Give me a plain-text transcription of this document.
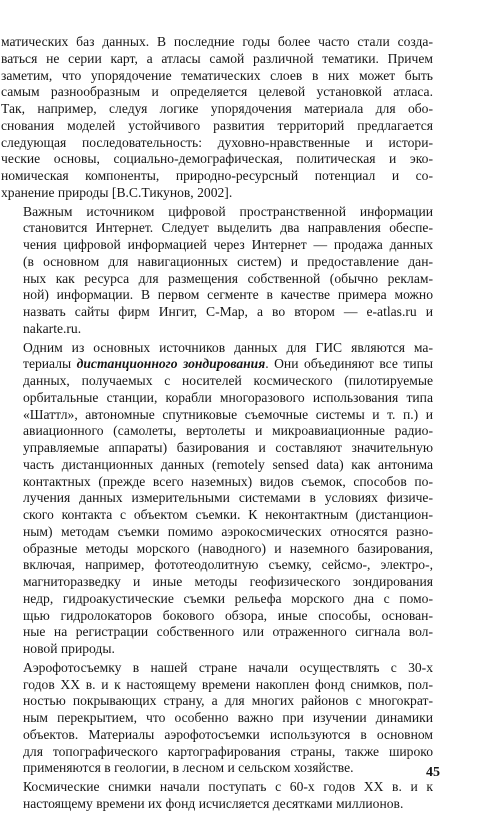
матических баз данных. В последние годы более часто стали созда-
ваться не серии карт, а атласы самой различной тематики. Причем
заметим, что упорядочение тематических слоев в них может быть
самым разнообразным и определяется целевой установкой атласа.
Так, например, следуя логике упорядочения материала для обо-
снования моделей устойчивого развития территорий предлагается
следующая последовательность: духовно-нравственные и истори-
ческие основы, социально-демографическая, политическая и эко-
номическая компоненты, природно-ресурсный потенциал и со-
хранение природы [В.С.Тикунов, 2002].

Важным источником цифровой пространственной информации
становится Интернет. Следует выделить два направления обеспе-
чения цифровой информацией через Интернет — продажа данных
(в основном для навигационных систем) и предоставление дан-
ных как ресурса для размещения собственной (обычно реклам-
ной) информации. В первом сегменте в качестве примера можно
назвать сайты фирм Ингит, С-Мар, а во втором — e-atlas.ru и
nakarte.ru.

Одним из основных источников данных для ГИС являются ма-
териалы дистанционного зондирования. Они объединяют все типы
данных, получаемых с носителей космического (пилотируемые
орбитальные станции, корабли многоразового использования типа
«Шаттл», автономные спутниковые съемочные системы и т. п.) и
авиационного (самолеты, вертолеты и микроавиационные радио-
управляемые аппараты) базирования и составляют значительную
часть дистанционных данных (remotely sensed data) как антонима
контактных (прежде всего наземных) видов съемок, способов по-
лучения данных измерительными системами в условиях физиче-
ского контакта с объектом съемки. К неконтактным (дистанцион-
ным) методам съемки помимо аэрокосмических относятся разно-
образные методы морского (наводного) и наземного базирования,
включая, например, фототеодолитную съемку, сейсмо-, электро-,
магниторазведку и иные методы геофизического зондирования
недр, гидроакустические съемки рельефа морского дна с помо-
щью гидролокаторов бокового обзора, иные способы, основан-
ные на регистрации собственного или отраженного сигнала вол-
новой природы.

Аэрофотосъемку в нашей стране начали осуществлять с 30-х
годов XX в. и к настоящему времени накоплен фонд снимков, пол-
ностью покрывающих страну, а для многих районов с многократ-
ным перекрытием, что особенно важно при изучении динамики
объектов. Материалы аэрофотосъемки используются в основном
для топографического картографирования страны, также широко
применяются в геологии, в лесном и сельском хозяйстве.

Космические снимки начали поступать с 60-х годов XX в. и к
настоящему времени их фонд исчисляется десятками миллионов.

45
